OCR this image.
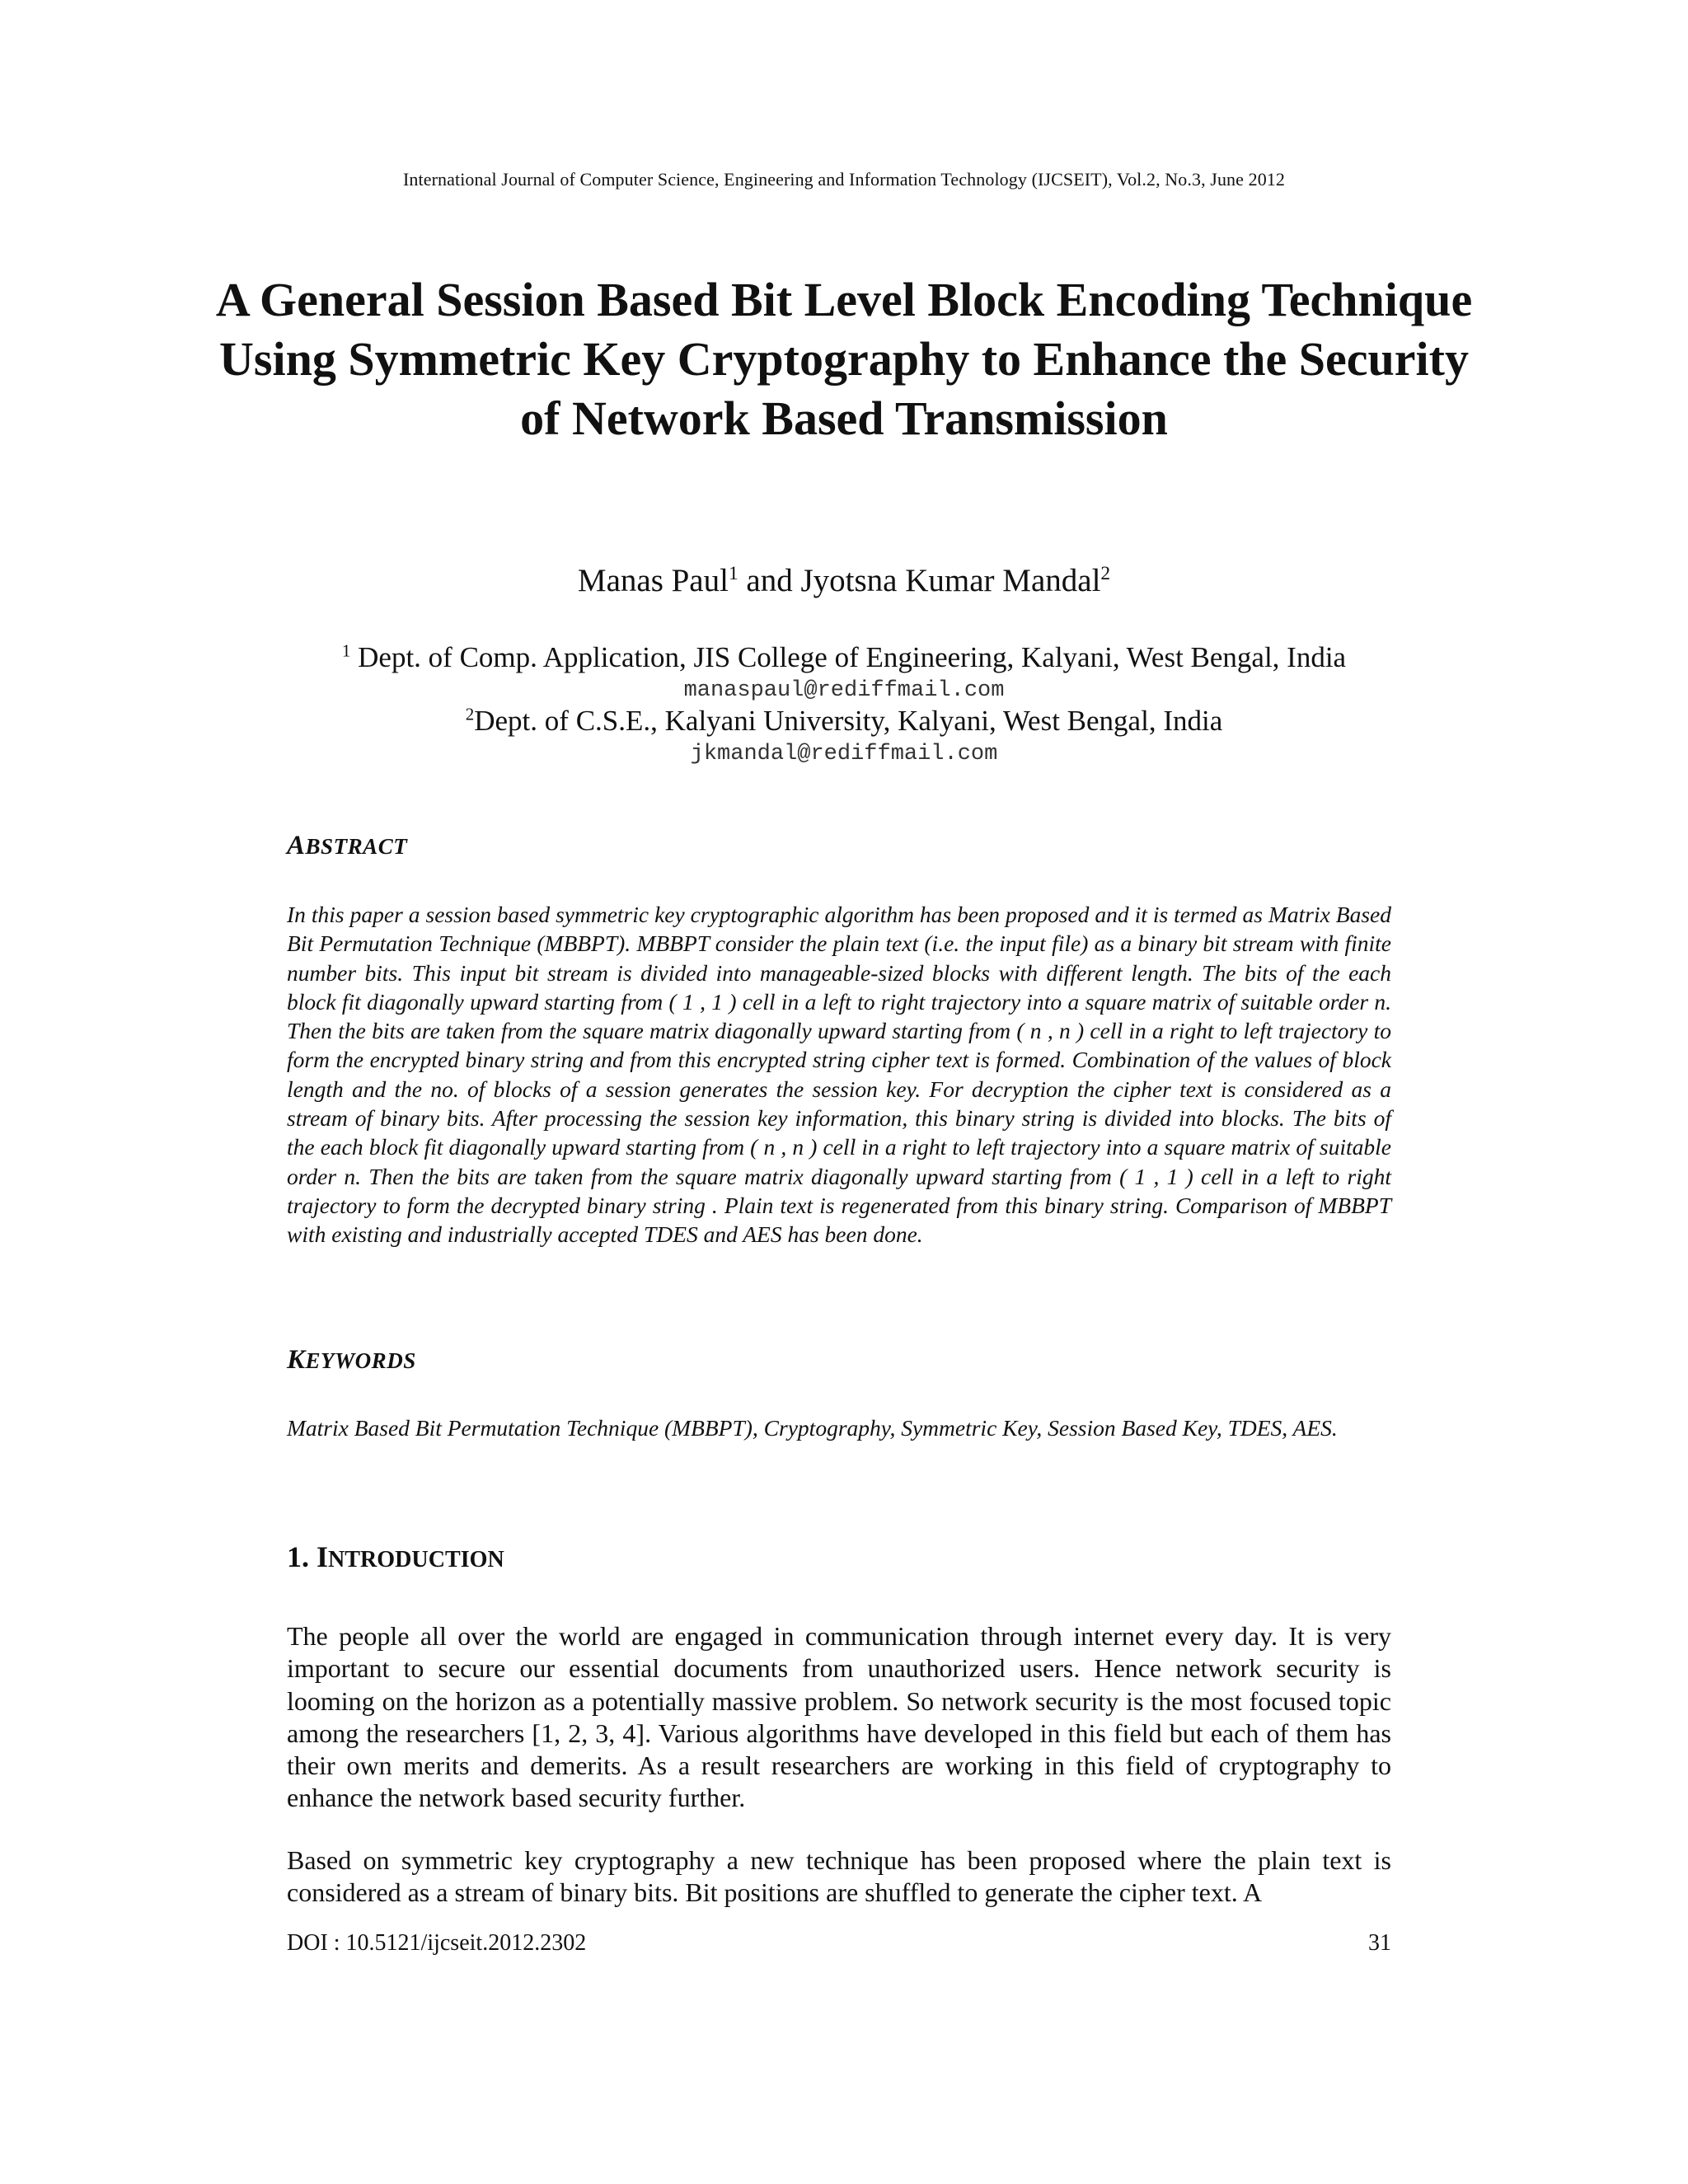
International Journal of Computer Science, Engineering and Information Technology (IJCSEIT), Vol.2, No.3, June 2012
A General Session Based Bit Level Block Encoding Technique Using Symmetric Key Cryptography to Enhance the Security of Network Based Transmission
Manas Paul$^1$ and Jyotsna Kumar Mandal$^2$
$^1$ Dept. of Comp. Application, JIS College of Engineering, Kalyani, West Bengal, India
manaspaul@rediffmail.com
$^2$Dept. of C.S.E., Kalyani University, Kalyani, West Bengal, India
jkmandal@rediffmail.com
ABSTRACT

In this paper a session based symmetric key cryptographic algorithm has been proposed and it is termed as Matrix Based Bit Permutation Technique (MBBPT). MBBPT consider the plain text (i.e. the input file) as a binary bit stream with finite number bits. This input bit stream is divided into manageable-sized blocks with different length. The bits of the each block fit diagonally upward starting from ( 1 , 1 ) cell in a left to right trajectory into a square matrix of suitable order n. Then the bits are taken from the square matrix diagonally upward starting from ( n , n ) cell in a right to left trajectory to form the encrypted binary string and from this encrypted string cipher text is formed. Combination of the values of block length and the no. of blocks of a session generates the session key. For decryption the cipher text is considered as a stream of binary bits. After processing the session key information, this binary string is divided into blocks. The bits of the each block fit diagonally upward starting from ( n , n ) cell in a right to left trajectory into a square matrix of suitable order n. Then the bits are taken from the square matrix diagonally upward starting from ( 1 , 1 ) cell in a left to right trajectory to form the decrypted binary string . Plain text is regenerated from this binary string. Comparison of MBBPT with existing and industrially accepted TDES and AES has been done.

KEYWORDS

Matrix Based Bit Permutation Technique (MBBPT), Cryptography, Symmetric Key, Session Based Key, TDES, AES.

1. INTRODUCTION

The people all over the world are engaged in communication through internet every day. It is very important to secure our essential documents from unauthorized users. Hence network security is looming on the horizon as a potentially massive problem. So network security is the most focused topic among the researchers [1, 2, 3, 4]. Various algorithms have developed in this field but each of them has their own merits and demerits. As a result researchers are working in this field of cryptography to enhance the network based security further.

Based on symmetric key cryptography a new technique has been proposed where the plain text is considered as a stream of binary bits. Bit positions are shuffled to generate the cipher text. A

DOI : 10.5121/ijcseit.2012.2302	31
